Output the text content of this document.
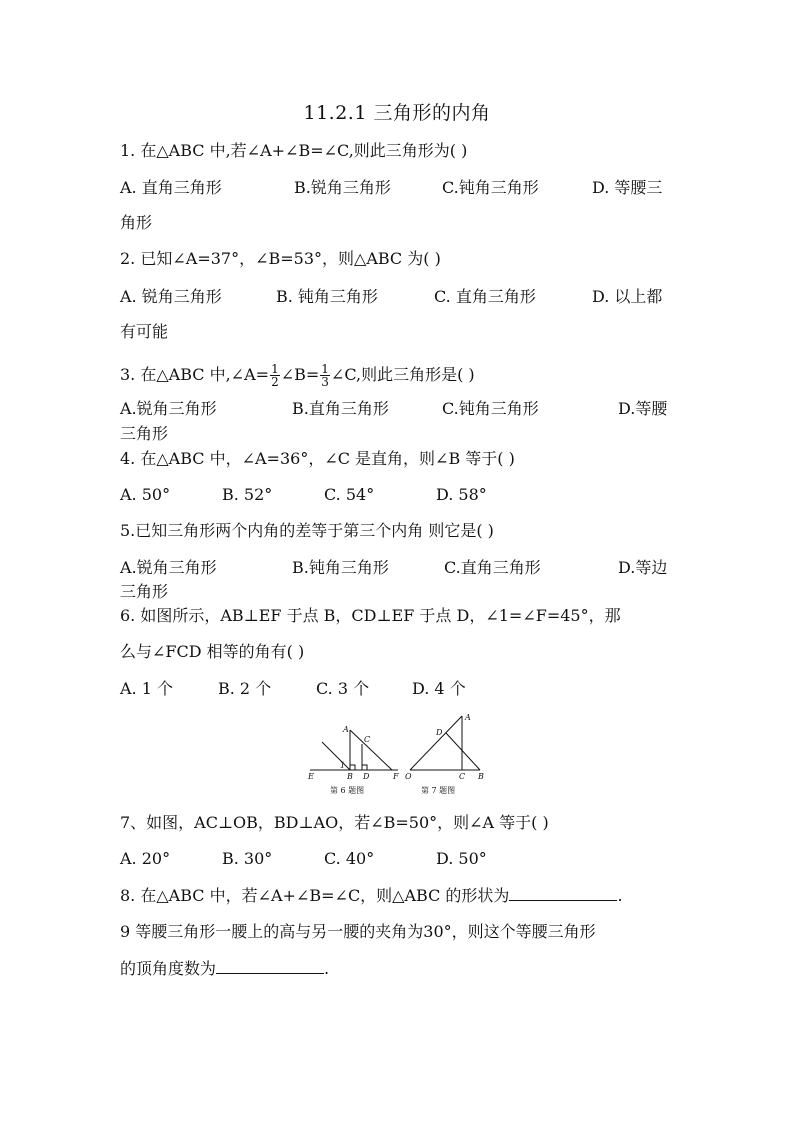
11.2.1 三角形的内角
1. 在△ABC 中,若∠A+∠B=∠C,则此三角形为( )
A. 直角三角形	B.锐角三角形	C.钝角三角形	D. 等腰三
角形
2. 已知∠A=37°，∠B=53°，则△ABC 为( )
A. 锐角三角形	B. 钝角三角形	C. 直角三角形	D. 以上都
有可能
3. 在△ABC 中,∠A= $\frac{1}{2}$ ∠B= $\frac{1}{3}$ ∠C,则此三角形是( )
A.锐角三角形	B.直角三角形	C.钝角三角形	D.等腰
三角形
4. 在△ABC 中，∠A=36°，∠C 是直角，则∠B 等于( )
A. 50°	B. 52°	C. 54°	D. 58°
5.已知三角形两个内角的差等于第三个内角 则它是( )
A.锐角三角形	B.钝角三角形	C.直角三角形	D.等边
三角形
6. 如图所示，AB⊥EF 于点 B，CD⊥EF 于点 D，∠1=∠F=45°，那
么与∠FCD 相等的角有( )
A. 1 个	B. 2 个	C. 3 个	D. 4 个
A
C
1
E	B D	F
第 6 题图
A
D
O	C B
第 7 题图
7、如图，AC⊥OB，BD⊥AO，若∠B=50°，则∠A 等于( )
A. 20°	B. 30°	C. 40°	D. 50°
8. 在△ABC 中，若∠A+∠B=∠C，则△ABC 的形状为	.
9 等腰三角形一腰上的高与另一腰的夹角为30°，则这个等腰三角形
的顶角度数为	.
